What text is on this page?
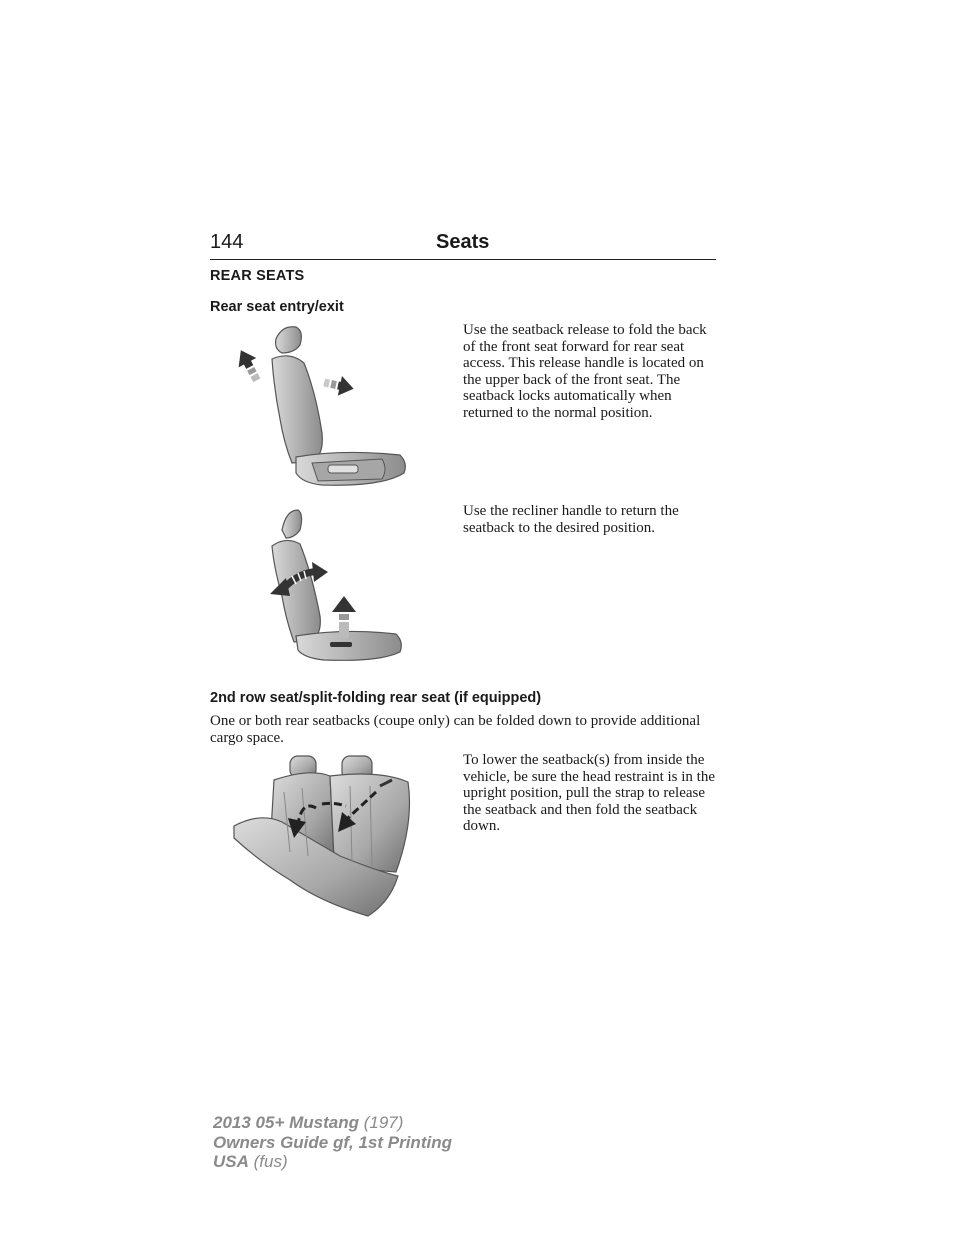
144	Seats
REAR SEATS
Rear seat entry/exit
Use the seatback release to fold the back of the front seat forward for rear seat access. This release handle is located on the upper back of the front seat. The seatback locks automatically when returned to the normal position.
Use the recliner handle to return the seatback to the desired position.
2nd row seat/split-folding rear seat (if equipped)
One or both rear seatbacks (coupe only) can be folded down to provide additional cargo space.
To lower the seatback(s) from inside the vehicle, be sure the head restraint is in the upright position, pull the strap to release the seatback and then fold the seatback down.
2013 05+ Mustang (197)
Owners Guide gf, 1st Printing
USA (fus)
